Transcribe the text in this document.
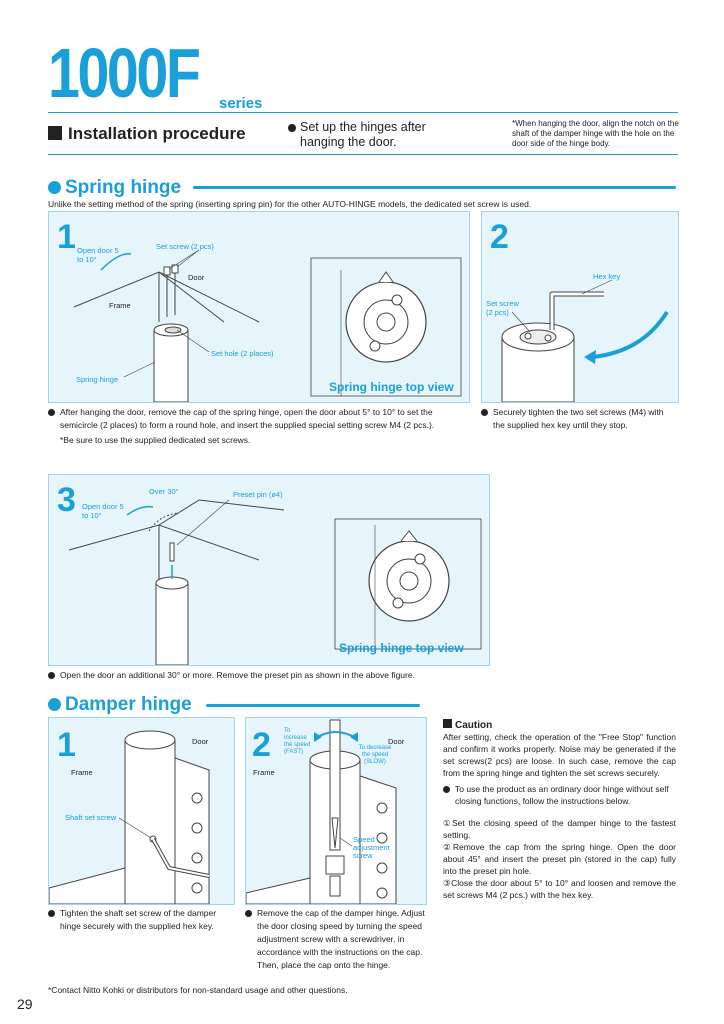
1000F series
Installation procedure	Set up the hinges after hanging the door.
*When hanging the door, align the notch on the shaft of the damper hinge with the hole on the door side of the hinge body.
Spring hinge
Unlike the setting method of the spring (inserting spring pin) for the other AUTO-HINGE models, the dedicated set screw is used.
1 Open door 5 to 10°
Set screw (2 pcs)
Door
Frame
Set hole (2 places)
Spring hinge
Spring hinge top view
2
Hex key
Set screw (2 pcs)
After hanging the door, remove the cap of the spring hinge, open the door about 5° to 10° to set the semicircle (2 places) to form a round hole, and insert the supplied special setting screw M4 (2 pcs.).
*Be sure to use the supplied dedicated set screws.
Securely tighten the two set screws (M4) with the supplied hex key until they stop.
3 Open door 5 to 10°
Over 30°	Preset pin (ø4)
Spring hinge top view
Open the door an additional 30° or more. Remove the preset pin as shown in the above figure.
Damper hinge
1	Door
Frame
Shaft set screw
Tighten the shaft set screw of the damper hinge securely with the supplied hex key.
2 To increase the speed (FAST)
To decrease the speed (SLOW)
Door
Frame
Speed adjustment screw
Remove the cap of the damper hinge. Adjust the door closing speed by turning the speed adjustment screw with a screwdriver, in accordance with the instructions on the cap. Then, place the cap onto the hinge.
Caution
After setting, check the operation of the "Free Stop" function and confirm it works properly. Noise may be generated if the set screws(2 pcs) are loose. In such case, remove the cap from the spring hinge and tighten the set screws securely.
To use the product as an ordinary door hinge without self closing functions, follow the instructions below.
①Set the closing speed of the damper hinge to the fastest setting.
②Remove the cap from the spring hinge. Open the door about 45° and insert the preset pin (stored in the cap) fully into the preset pin hole.
③Close the door about 5° to 10° and loosen and remove the set screws M4 (2 pcs.) with the hex key.
*Contact Nitto Kohki or distributors for non-standard usage and other questions.
29
